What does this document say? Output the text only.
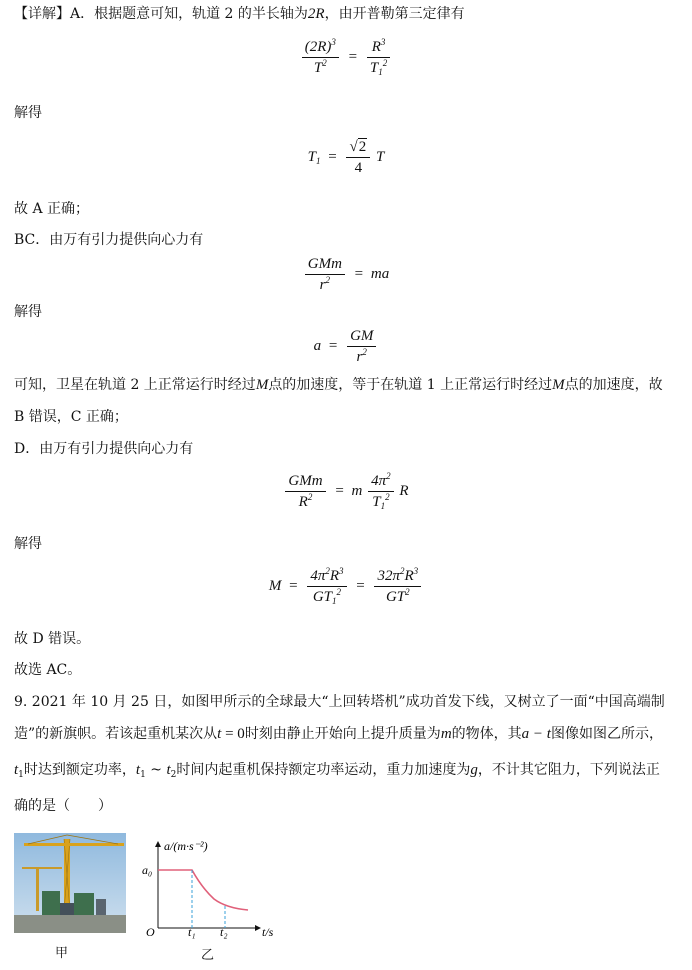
【详解】A．根据题意可知，轨道 2 的半长轴为2R，由开普勒第三定律有
$\frac{(2R)^3}{T^2} = \frac{R^3}{T_1^2}$
解得
$T_1 = \frac{√2}{4}$ T
故 A 正确；
BC．由万有引力提供向心力有
$\frac{\text{GMm}}{r^2}$ = ma
解得
$a = \frac{GM}{r^2}$
可知，卫星在轨道 2 上正常运行时经过M点的加速度，等于在轨道 1 上正常运行时经过M点的加速度，故
B 错误，C 正确；
D．由万有引力提供向心力有
$\frac{\text{GMm}}{R^2} = m \frac{4\pi^2}{T_1^2}$ R
解得
$M = \frac{4\pi^2R^3}{GT_1^2} = \frac{32\pi^2R^3}{GT^2}$
故 D 错误。
故选 AC。
9. 2021 年 10 月 25 日，如图甲所示的全球最大“上回转塔机”成功首发下线，又树立了一面“中国高端制
造”的新旗帜。若该起重机某次从t = 0时刻由静止开始向上提升质量为m的物体，其a − t图像如图乙所示，
$t_1$时达到额定功率，$t_1$ ~ $t_2$时间内起重机保持额定功率运动，重力加速度为g，不计其它阻力，下列说法正
确的是（　　）
甲
a/(m·s⁻²)
t/s
O
a₀
t₁ t₂
乙
